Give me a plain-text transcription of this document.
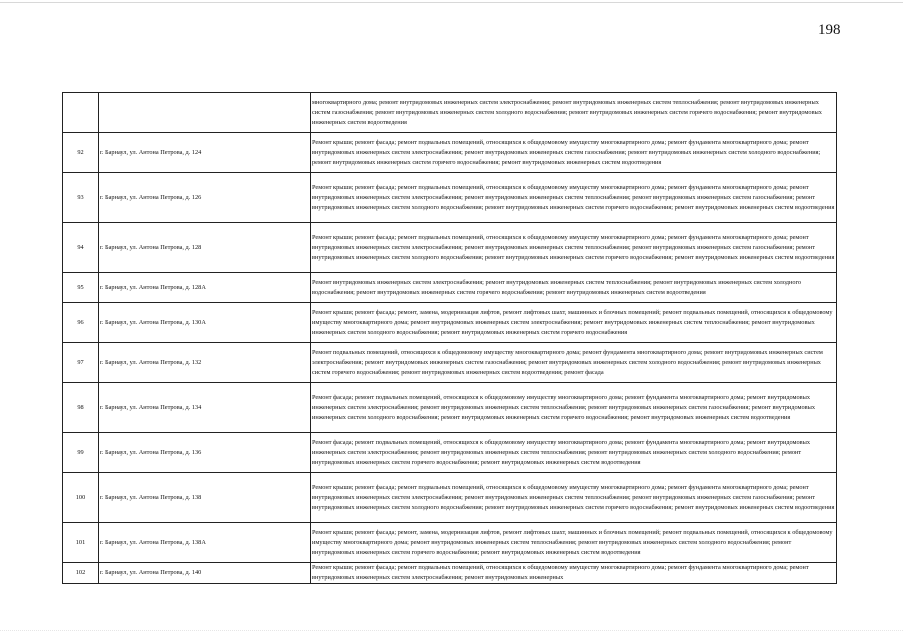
198
		многоквартирного дома; ремонт внутридомовых инженерных систем электроснабжения; ремонт внутридомовых инженерных систем теплоснабжения; ремонт внутридомовых инженерных систем газоснабжения; ремонт внутридомовых инженерных систем холодного водоснабжения; ремонт внутридомовых инженерных систем горячего водоснабжения; ремонт внутридомовых инженерных систем водоотведения
92	г. Барнаул, ул. Антона Петрова, д. 124	Ремонт крыши; ремонт фасада; ремонт подвальных помещений, относящихся к общедомовому имуществу многоквартирного дома; ремонт фундамента многоквартирного дома; ремонт внутридомовых инженерных систем электроснабжения; ремонт внутридомовых инженерных систем газоснабжения; ремонт внутридомовых инженерных систем холодного водоснабжения; ремонт внутридомовых инженерных систем горячего водоснабжения; ремонт внутридомовых инженерных систем водоотведения
93	г. Барнаул, ул. Антона Петрова, д. 126	Ремонт крыши; ремонт фасада; ремонт подвальных помещений, относящихся к общедомовому имуществу многоквартирного дома; ремонт фундамента многоквартирного дома; ремонт внутридомовых инженерных систем электроснабжения; ремонт внутридомовых инженерных систем теплоснабжения; ремонт внутридомовых инженерных систем газоснабжения; ремонт внутридомовых инженерных систем холодного водоснабжения; ремонт внутридомовых инженерных систем горячего водоснабжения; ремонт внутридомовых инженерных систем водоотведения
94	г. Барнаул, ул. Антона Петрова, д. 128	Ремонт крыши; ремонт фасада; ремонт подвальных помещений, относящихся к общедомовому имуществу многоквартирного дома; ремонт фундамента многоквартирного дома; ремонт внутридомовых инженерных систем электроснабжения; ремонт внутридомовых инженерных систем теплоснабжения; ремонт внутридомовых инженерных систем газоснабжения; ремонт внутридомовых инженерных систем холодного водоснабжения; ремонт внутридомовых инженерных систем горячего водоснабжения; ремонт внутридомовых инженерных систем водоотведения
95	г. Барнаул, ул. Антона Петрова, д. 128А	Ремонт внутридомовых инженерных систем электроснабжения; ремонт внутридомовых инженерных систем теплоснабжения; ремонт внутридомовых инженерных систем холодного водоснабжения; ремонт внутридомовых инженерных систем горячего водоснабжения; ремонт внутридомовых инженерных систем водоотведения
96	г. Барнаул, ул. Антона Петрова, д. 130А	Ремонт крыши; ремонт фасада; ремонт, замена, модернизация лифтов, ремонт лифтовых шахт, машинных и блочных помещений; ремонт подвальных помещений, относящихся к общедомовому имуществу многоквартирного дома; ремонт внутридомовых инженерных систем электроснабжения; ремонт внутридомовых инженерных систем теплоснабжения; ремонт внутридомовых инженерных систем холодного водоснабжения; ремонт внутридомовых инженерных систем горячего водоснабжения
97	г. Барнаул, ул. Антона Петрова, д. 132	Ремонт подвальных помещений, относящихся к общедомовому имуществу многоквартирного дома; ремонт фундамента многоквартирного дома; ремонт внутридомовых инженерных систем электроснабжения; ремонт внутридомовых инженерных систем газоснабжения; ремонт внутридомовых инженерных систем холодного водоснабжения; ремонт внутридомовых инженерных систем горячего водоснабжения; ремонт внутридомовых инженерных систем водоотведения; ремонт фасада
98	г. Барнаул, ул. Антона Петрова, д. 134	Ремонт фасада; ремонт подвальных помещений, относящихся к общедомовому имуществу многоквартирного дома; ремонт фундамента многоквартирного дома; ремонт внутридомовых инженерных систем электроснабжения; ремонт внутридомовых инженерных систем теплоснабжения; ремонт внутридомовых инженерных систем газоснабжения; ремонт внутридомовых инженерных систем холодного водоснабжения; ремонт внутридомовых инженерных систем горячего водоснабжения; ремонт внутридомовых инженерных систем водоотведения
99	г. Барнаул, ул. Антона Петрова, д. 136	Ремонт фасада; ремонт подвальных помещений, относящихся к общедомовому имуществу многоквартирного дома; ремонт фундамента многоквартирного дома; ремонт внутридомовых инженерных систем электроснабжения; ремонт внутридомовых инженерных систем теплоснабжения; ремонт внутридомовых инженерных систем холодного водоснабжения; ремонт внутридомовых инженерных систем горячего водоснабжения; ремонт внутридомовых инженерных систем водоотведения
100	г. Барнаул, ул. Антона Петрова, д. 138	Ремонт крыши; ремонт фасада; ремонт подвальных помещений, относящихся к общедомовому имуществу многоквартирного дома; ремонт фундамента многоквартирного дома; ремонт внутридомовых инженерных систем электроснабжения; ремонт внутридомовых инженерных систем теплоснабжения; ремонт внутридомовых инженерных систем газоснабжения; ремонт внутридомовых инженерных систем холодного водоснабжения; ремонт внутридомовых инженерных систем горячего водоснабжения; ремонт внутридомовых инженерных систем водоотведения
101	г. Барнаул, ул. Антона Петрова, д. 138А	Ремонт крыши; ремонт фасада; ремонт, замена, модернизация лифтов, ремонт лифтовых шахт, машинных и блочных помещений; ремонт подвальных помещений, относящихся к общедомовому имуществу многоквартирного дома; ремонт внутридомовых инженерных систем теплоснабжения; ремонт внутридомовых инженерных систем холодного водоснабжения; ремонт внутридомовых инженерных систем горячего водоснабжения; ремонт внутридомовых инженерных систем водоотведения
102	г. Барнаул, ул. Антона Петрова, д. 140	Ремонт крыши; ремонт фасада; ремонт подвальных помещений, относящихся к общедомовому имуществу многоквартирного дома; ремонт фундамента многоквартирного дома; ремонт внутридомовых инженерных систем электроснабжения; ремонт внутридомовых инженерных
